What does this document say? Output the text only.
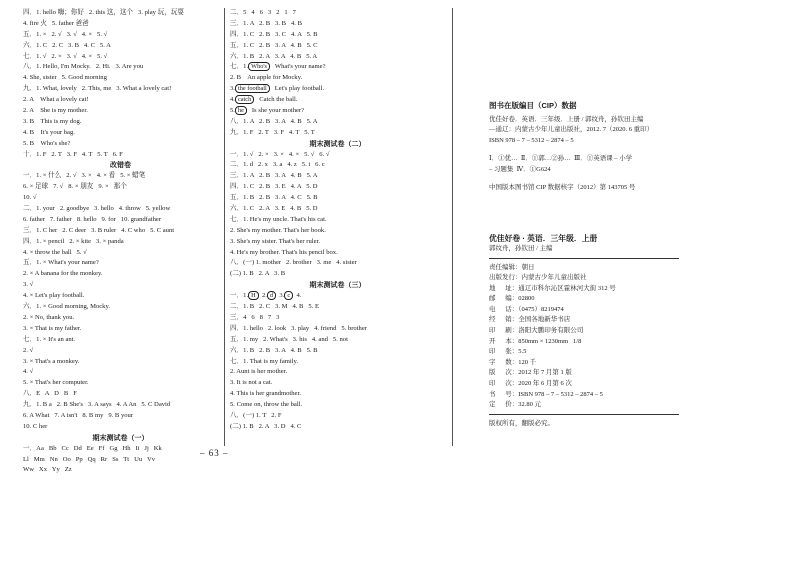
四．1. hello 嗨；你好   2. this 这，这个   3. play 玩，玩耍
4. fire 火   5. father 爸爸
五．1. ×   2. √   3. √   4. ×   5. √
六．1. C   2. C   3. B   4. C   5. A
七．1. √   2. ×   3. √   4. ×   5. √
八．1. Hello, I'm Mocky.   2. Hi.   3. Are you
4. She, sister   5. Good morning
九．1. What, lovely   2. This, me   3. What a lovely cat!
2. A    What a lovely cat!
2. A    She is my mother.
3. B    This is my dog.
4. B    It's your bag.
5. B    Who's she?
十．1. F   2. T   3. F   4. T   5. T   6. F
改错卷
一．1. × 什么   2. √   3. ×   4. × 看   5. × 蜡笔
6. × 足球   7. √   8. × 朋友   9. ×   那个
10. √
二．1. your   2. goodbye   3. hello   4. throw   5. yellow
6. father   7. father   8. hello   9. for   10. grandfather
三．1. C her   2. C deer   3. B ruler   4. C who   5. C aunt
四．1. × pencil   2. × kite   3. × panda
4. × throw the ball   5. √
五．1. × What's your name?
2. × A banana for the monkey.
3. √
4. × Let's play football.
六．1. × Good morning, Mocky.
2. × No, thank you.
3. × That is my father.
七．1. × It's an ant.
2. √
3. × That's a monkey.
4. √
5. × That's her computer.
八．E   A   D   B   F
九．1. B a   2. B She's   3. A says   4. A An   5. C David
6. A What   7. A isn't   8. B my   9. B your
10. C her
期末测试卷（一）
一．Aa   Bb   Cc   Dd   Ee   Ff   Gg   Hh   Ii   Jj   Kk
Ll   Mm   Nn   Oo   Pp   Qq   Rr   Ss   Tt   Uu   Vv
Ww   Xx   Yy   Zz
二．5   4   6   3   2   1   7
三．1. A   2. B   3. B   4. B
四．1. C   2. B   3. C   4. A   5. B
五．1. C   2. B   3. A   4. B   5. C
六．1. B   2. A   3. A   4. B   5. A
七．1. Who's   What's your name?
2. B    An apple for Mocky.
3. the football   Let's play football.
4. catch   Catch the ball.
5. he   Is she your mother?
八．1. A   2. B   3. A   4. B   5. A
九．1. F   2. T   3. F   4. T   5. T
期末测试卷（二）
一．1. √   2. ×   3. ×   4. ×   5. √   6. √
二．1. d   2. x   3. a   4. z   5. i   6. c
三．1. A   2. B   3. A   4. B   5. A
四．1. C   2. B   3. E   4. A   5. D
五．1. B   2. B   3. A   4. C   5. B
六．1. C   2. A   3. E   4. B   5. D
七．1. He's my uncle. That's his cat.
2. She's my mother. That's her book.
3. She's my sister. That's her ruler.
4. He's my brother. That's his pencil box.
八．(一) 1. mother   2. brother   3. me   4. sister
(二) 1. B   2. A   3. B
期末测试卷（三）
一．1. H  2. d  3. c  4.
二．1. B   2. C   3. M   4. B   5. E
三．4   6   8   7   3
四．1. hello   2. look   3. play   4. friend   5. brother
五．1. my   2. What's   3. his   4. and   5. not
六．1. B   2. B   3. A   4. B   5. B
七．1. That is my family.
2. Aunt is her mother.
3. It is not a cat.
4. This is her grandmother.
5. Come on, throw the ball.
八．(一) 1. T   2. F
(二) 1. B   2. A   3. D   4. C
– 63 –
图书在版编目（CIP）数据
优佳好卷．英语．三年级．上册 / 郭纹舟，孙钦田主编
—通辽：内蒙古少年儿童出版社，2012. 7（2020. 6 重印）
ISBN 978 – 7 – 5312 – 2874 – 5
Ⅰ．①优…  Ⅱ．①郭…②孙…  Ⅲ．①英语课 – 小学
– 习题集  Ⅳ．①G624
中国版本图书馆 CIP 数据核字（2012）第 143705 号
优佳好卷 · 英语．三年级．上册
郭纹舟，孙钦田 / 主编
责任编辑：朝日
出版发行：内蒙古少年儿童出版社
地      址：通辽市科尔沁区霍林河大街 312 号
邮      编：02800
电      话：（0475）8219474
经      销：全国各地新华书店
印      刷：洛阳大鹏印务有限公司
开      本：850mm × 1230mm   1/8
印      张：5.5
字      数：120 千
版      次：2012 年 7 月第 1 版
印      次：2020 年 6 月第 6 次
书      号：ISBN 978 – 7 – 5312 – 2874 – 5
定      价：32.80 元
版权所有，翻版必究。
